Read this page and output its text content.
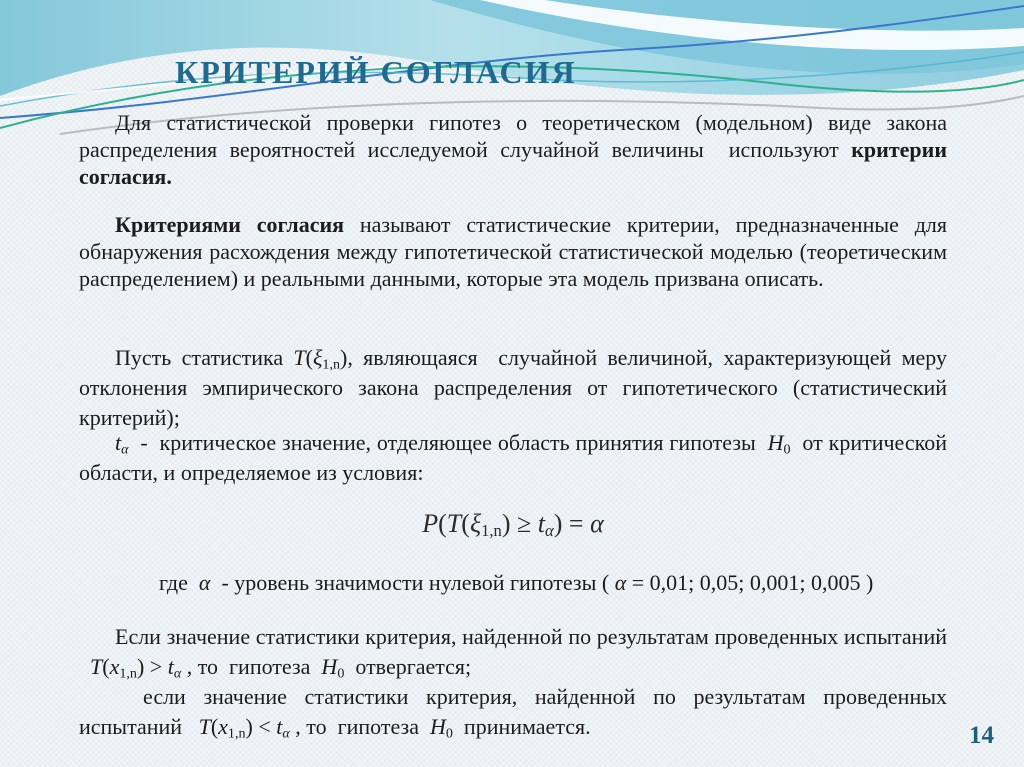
КРИТЕРИЙ СОГЛАСИЯ
Для статистической проверки гипотез о теоретическом (модельном) виде закона распределения вероятностей исследуемой случайной величины  используют критерии согласия.
Критериями согласия называют статистические критерии, предназначенные для обнаружения расхождения между гипотетической статистической моделью (теоретическим распределением) и реальными данными, которые эта модель призвана описать.
Пусть статистика $T(\xi_{1,n})$, являющаяся  случайной величиной, характеризующей меру отклонения эмпирического закона распределения от гипотетического (статистический критерий);
tα  -  критическое значение, отделяющее область принятия гипотезы  $H_0$  от критической области, и определяемое из условия:
$P(T(\xi_{1,n}) \ge t\alpha) = \alpha$
где  α  - уровень значимости нулевой гипотезы ( α = 0,01; 0,05; 0,001; 0,005 )
Если значение статистики критерия, найденной по результатам проведенных испытаний   $T(x_{1,n}) > t\alpha$ , то  гипотеза  $H_0$  отвергается;
если значение статистики критерия, найденной по результатам проведенных испытаний   $T(x_{1,n}) < t\alpha$ , то  гипотеза  $H_0$  принимается.	14
